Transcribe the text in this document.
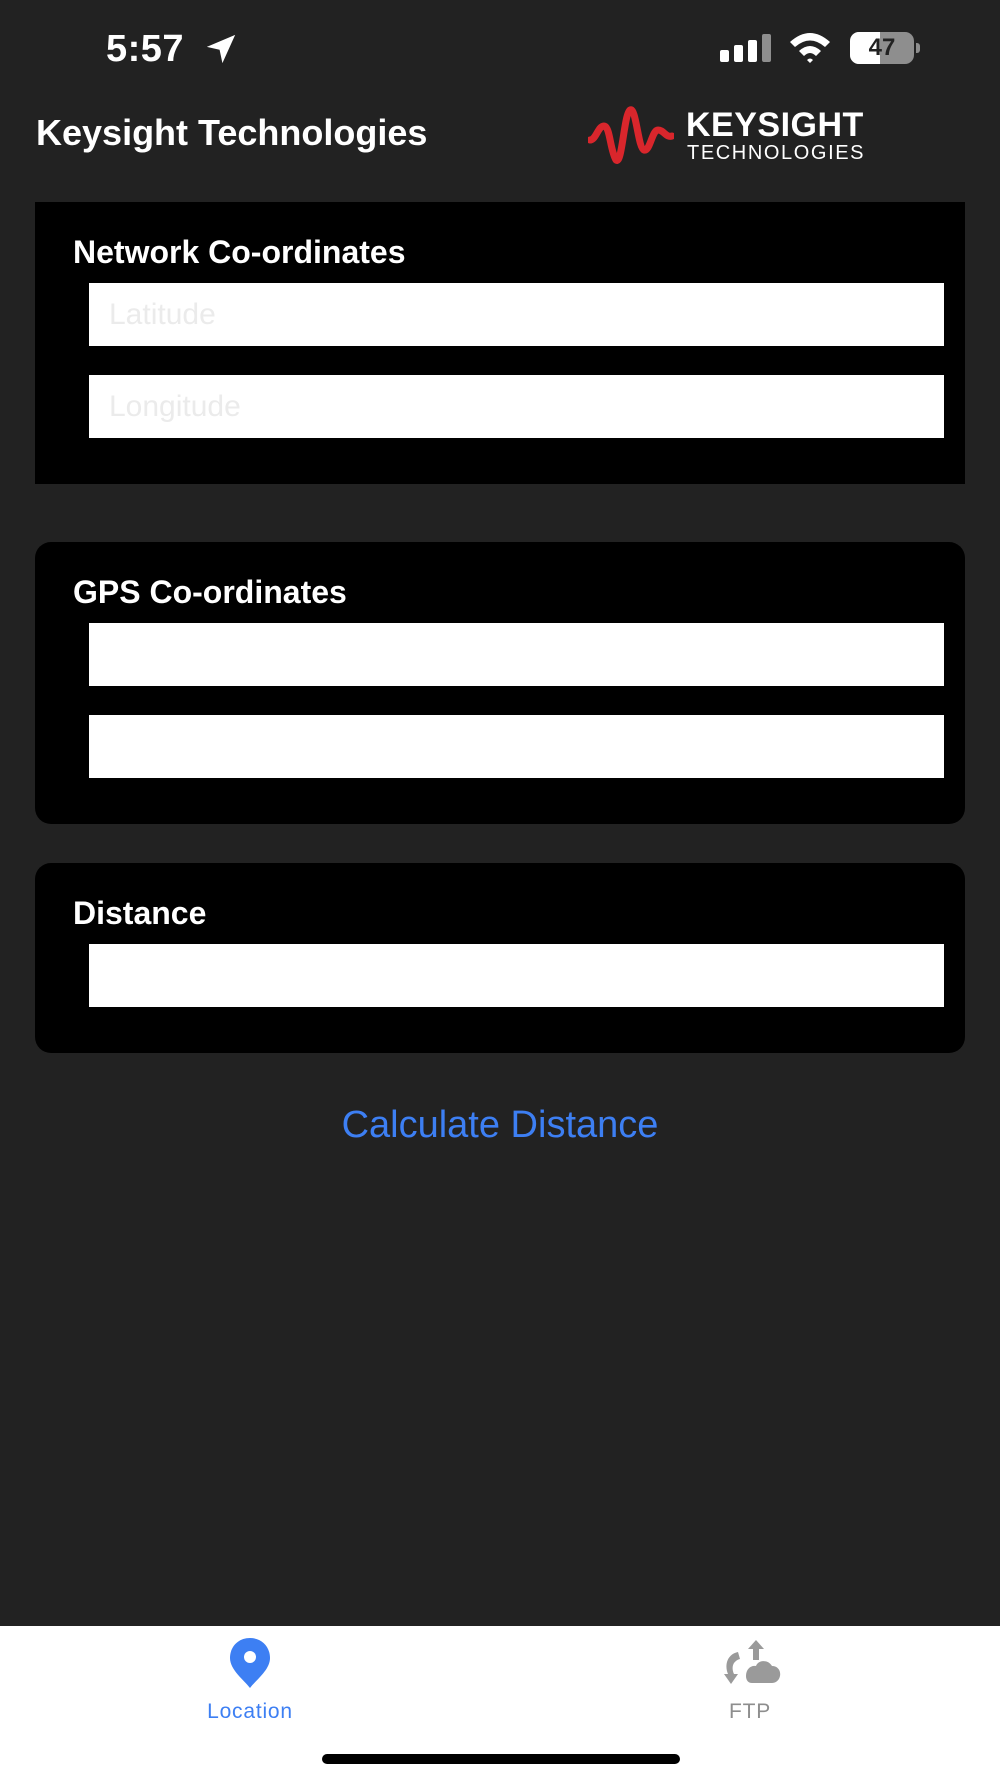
5:57	47
Keysight Technologies	KEYSIGHT
TECHNOLOGIES
Network Co-ordinates
Latitude
Longitude
GPS Co-ordinates
Distance
Calculate Distance
Location	FTP
